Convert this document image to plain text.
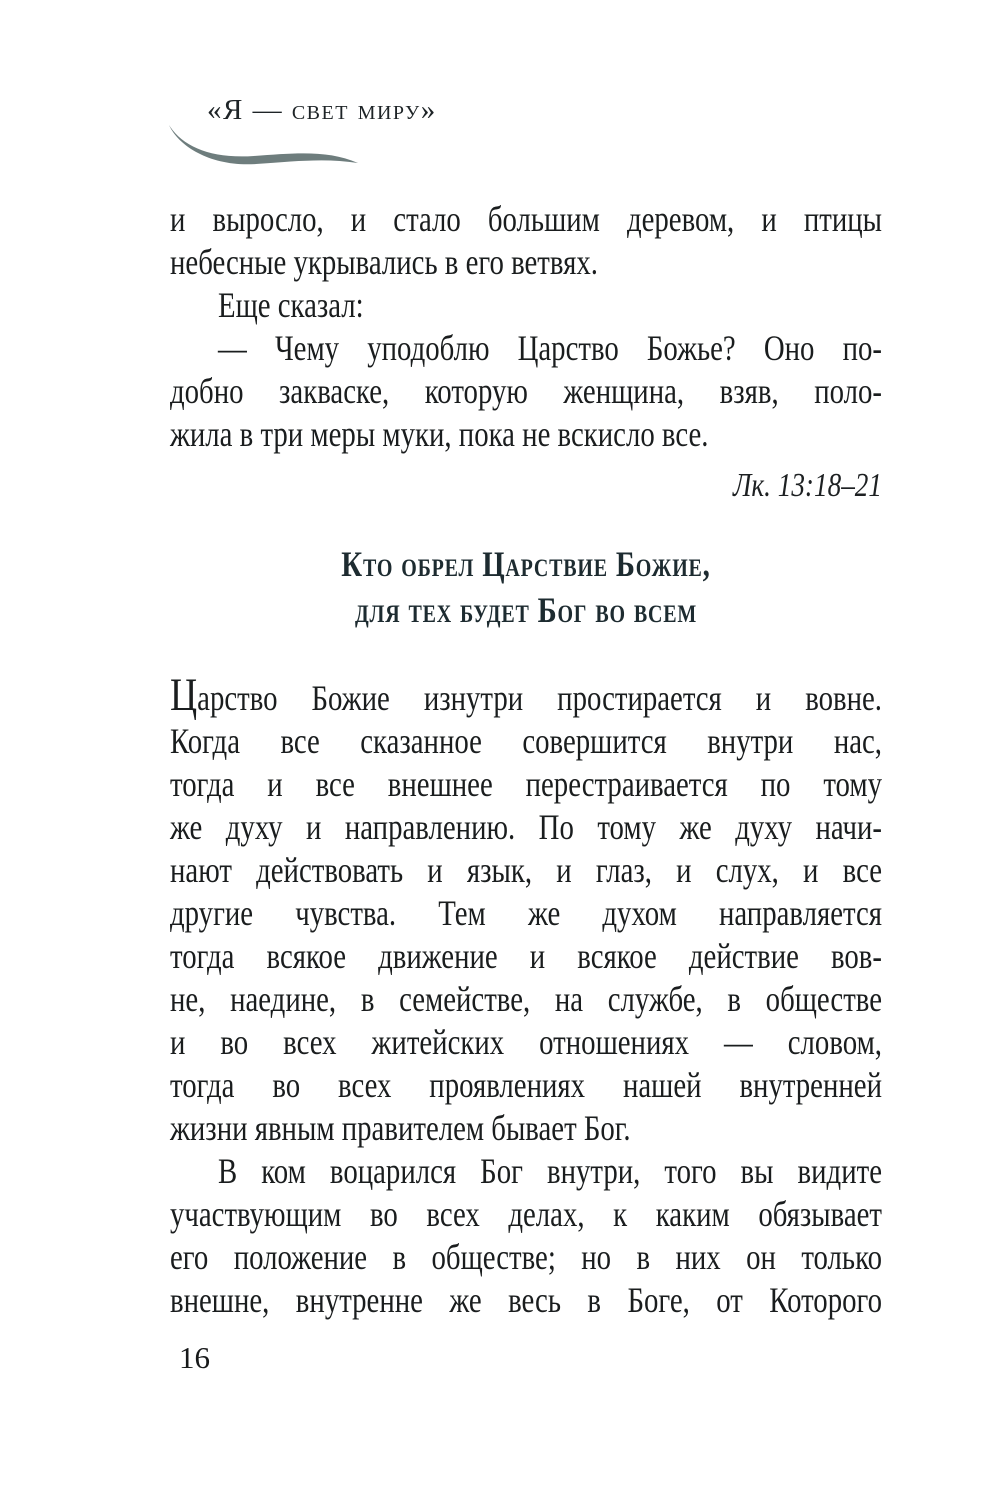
«Я — свет миру»
и выросло, и стало большим деревом, и птицы
небесные укрывались в его ветвях.
Еще сказал:
— Чему уподоблю Царство Божье? Оно по-
добно закваске, которую женщина, взяв, поло-
жила в три меры муки, пока не вскисло все.
Лк. 13:18–21
Кто обрел Царствие Божие,
для тех будет Бог во всем
Царство Божие изнутри простирается и вовне.
Когда все сказанное совершится внутри нас,
тогда и все внешнее перестраивается по тому
же духу и направлению. По тому же духу начи-
нают действовать и язык, и глаз, и слух, и все
другие чувства. Тем же духом направляется
тогда всякое движение и всякое действие вов-
не, наедине, в семействе, на службе, в обществе
и во всех житейских отношениях — словом,
тогда во всех проявлениях нашей внутренней
жизни явным правителем бывает Бог.
В ком воцарился Бог внутри, того вы видите
участвующим во всех делах, к каким обязывает
его положение в обществе; но в них он только
внешне, внутренне же весь в Боге, от Которого
16
